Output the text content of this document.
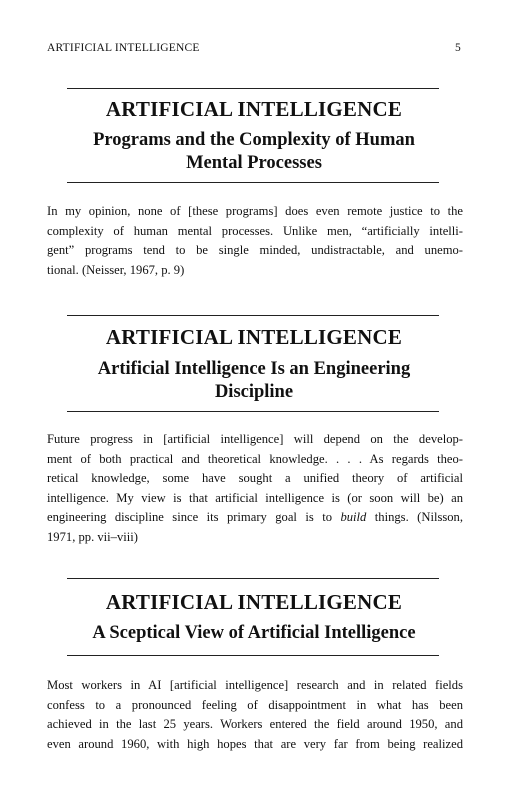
ARTIFICIAL INTELLIGENCE	5
ARTIFICIAL INTELLIGENCE
Programs and the Complexity of Human
Mental Processes

In my opinion, none of [these programs] does even remote justice to the
complexity of human mental processes. Unlike men, “artificially intelli-
gent” programs tend to be single minded, undistractable, and unemo-
tional. (Neisser, 1967, p. 9)

ARTIFICIAL INTELLIGENCE
Artificial Intelligence Is an Engineering
Discipline

Future progress in [artificial intelligence] will depend on the develop-
ment of both practical and theoretical knowledge. . . . As regards theo-
retical knowledge, some have sought a unified theory of artificial
intelligence. My view is that artificial intelligence is (or soon will be) an
engineering discipline since its primary goal is to build things. (Nilsson,
1971, pp. vii–viii)

ARTIFICIAL INTELLIGENCE
A Sceptical View of Artificial Intelligence

Most workers in AI [artificial intelligence] research and in related fields
confess to a pronounced feeling of disappointment in what has been
achieved in the last 25 years. Workers entered the field around 1950, and
even around 1960, with high hopes that are very far from being realized
